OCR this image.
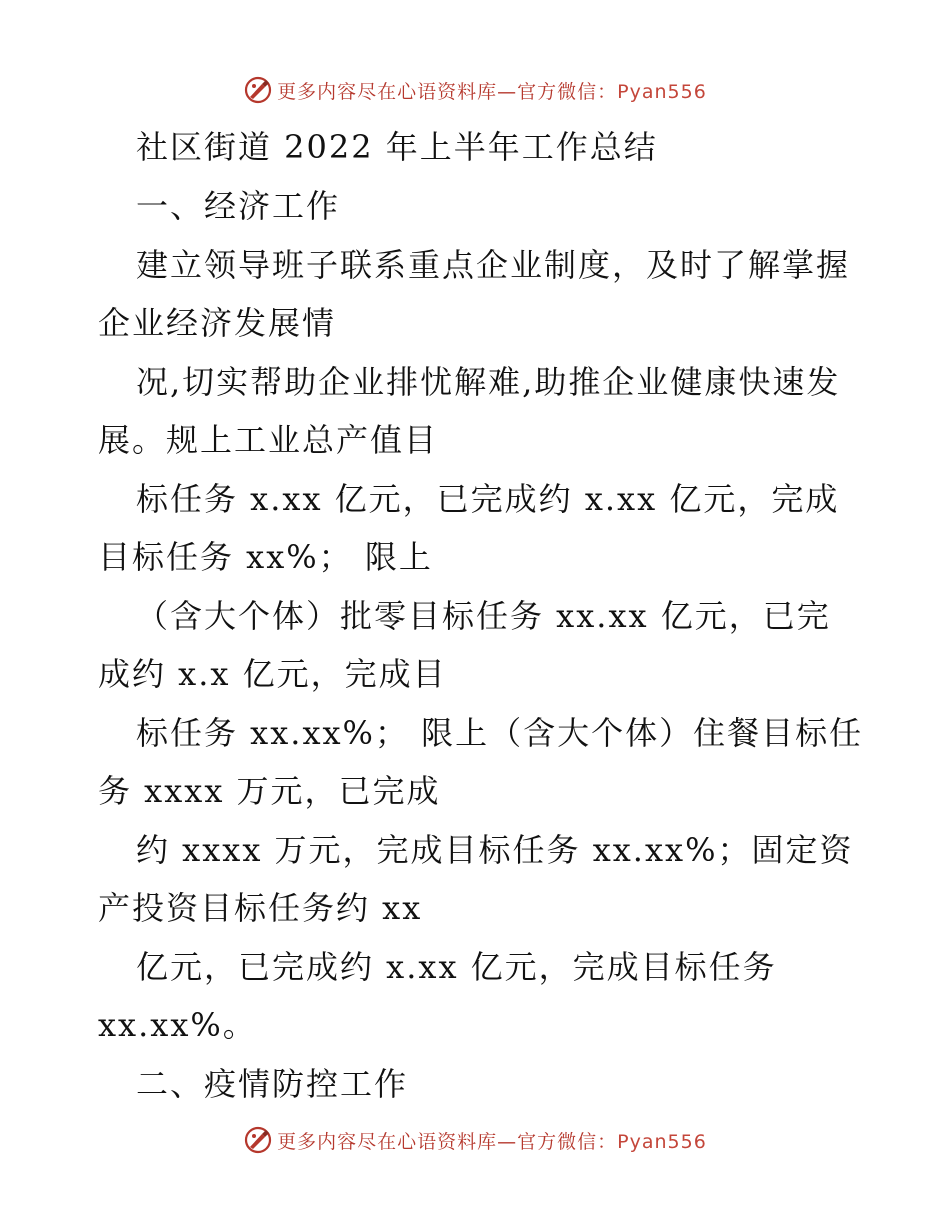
更多内容尽在心语资料库—官方微信：Pyan556
社区街道 2022 年上半年工作总结
一、经济工作
建立领导班子联系重点企业制度，及时了解掌握
企业经济发展情
况,切实帮助企业排忧解难,助推企业健康快速发
展。规上工业总产值目
标任务 x.xx 亿元，已完成约 x.xx 亿元，完成
目标任务 xx%； 限上
（含大个体）批零目标任务 xx.xx 亿元，已完
成约 x.x 亿元，完成目
标任务 xx.xx%； 限上（含大个体）住餐目标任
务 xxxx 万元，已完成
约 xxxx 万元，完成目标任务 xx.xx%；固定资
产投资目标任务约 xx
亿元，已完成约 x.xx 亿元，完成目标任务
xx.xx%。
二、疫情防控工作
更多内容尽在心语资料库—官方微信：Pyan556
